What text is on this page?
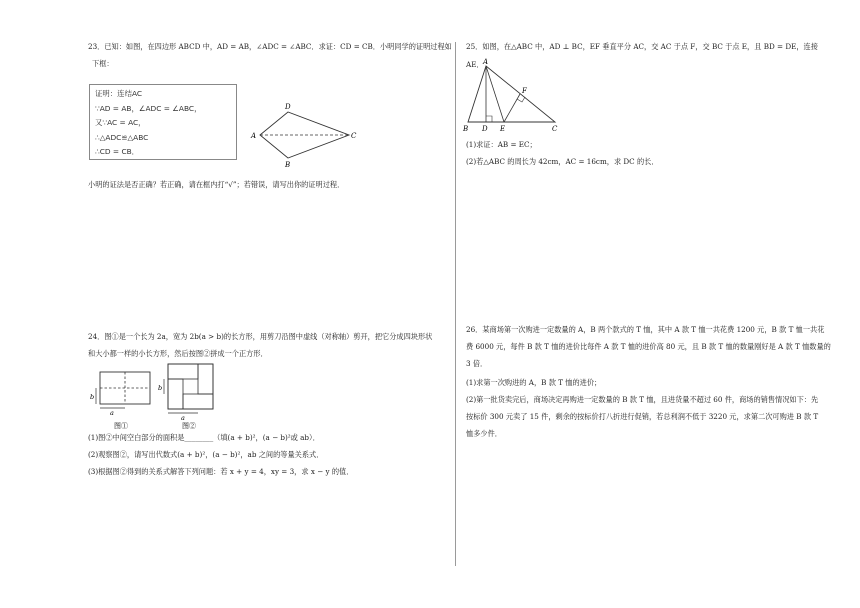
23．已知：如图，在四边形 ABCD 中，AD = AB，∠ADC = ∠ABC．求证：CD = CB．小明同学的证明过程如

下框：

证明：连结AC
∵AD = AB，∠ADC = ∠ABC，
又∵AC = AC，
∴△ADC≌△ABC
∴CD = CB．
A
D
C
B

小明的证法是否正确？若正确，请在框内打“√”；若错误，请写出你的证明过程．

24．图①是一个长为 2a，宽为 2b(a > b)的长方形，用剪刀沿图中虚线（对称轴）剪开，把它分成四块形状

和大小都一样的小长方形，然后按图②拼成一个正方形．

b
a
b
a
图①	图②

(1)图②中间空白部分的面积是________（填(a + b)²，(a − b)²或 ab）．

(2)观察图②，请写出代数式(a + b)²，(a − b)²，ab 之间的等量关系式．

(3)根据图②得到的关系式解答下列问题：若 x + y = 4，xy = 3，求 x − y 的值．

25．如图，在△ABC 中，AD ⊥ BC，EF 垂直平分 AC，交 AC 于点 F，交 BC 于点 E，且 BD = DE，连接 AE． A
F
B D E	C

(1)求证：AB = EC；

(2)若△ABC 的周长为 42cm，AC = 16cm，求 DC 的长．

26．某商场第一次购进一定数量的 A，B 两个款式的 T 恤，其中 A 款 T 恤一共花费 1200 元，B 款 T 恤一共花

费 6000 元，每件 B 款 T 恤的进价比每件 A 款 T 恤的进价高 80 元，且 B 款 T 恤的数量刚好是 A 款 T 恤数量的

3 倍．

(1)求第一次购进的 A，B 款 T 恤的进价；

(2)第一批货卖完后，商场决定再购进一定数量的 B 款 T 恤，且进货量不超过 60 件，商场的销售情况如下：先

按标价 300 元卖了 15 件，剩余的按标价打八折进行促销，若总利润不低于 3220 元，求第二次可购进 B 款 T

恤多少件．
